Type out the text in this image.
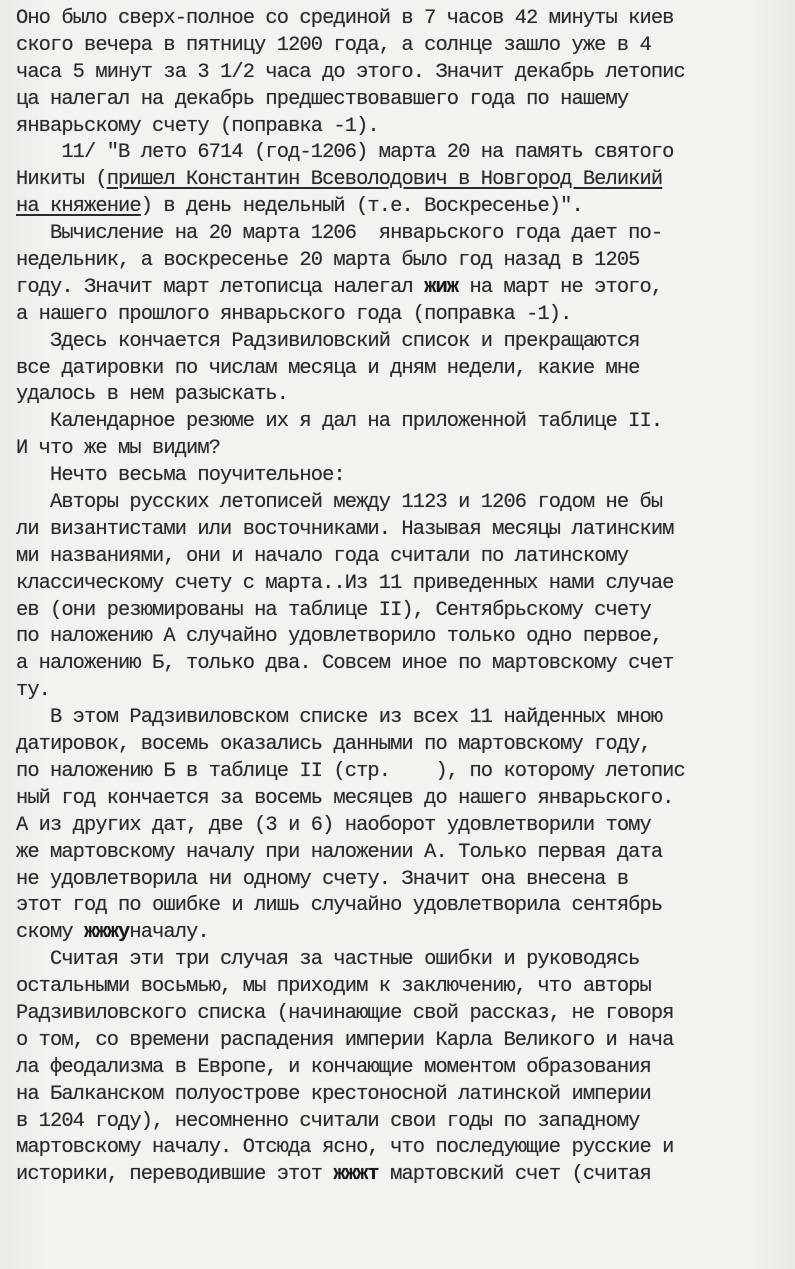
Оно было сверх-полное со срединой в 7 часов 42 минуты киев
ского вечера в пятницу 1200 года, а солнце зашло уже в 4
часа 5 минут за 3 1/2 часа до этого. Значит декабрь летопис
ца налегал на декабрь предшествовавшего года по нашему
январьскому счету (поправка -1).
11/ "В лето 6714 (год-1206) марта 20 на память святого
Никиты (пришел Константин Всеволодович в Новгород Великий
на княжение) в день недельный (т.е. Воскресенье)".
Вычисление на 20 марта 1206  январьского года дает по-
недельник, а воскресенье 20 марта было год назад в 1205
году. Значит март летописца налегал жиж на март не этого,
а нашего прошлого январьского года (поправка -1).
Здесь кончается Радзивиловский список и прекращаются
все датировки по числам месяца и дням недели, какие мне
удалось в нем разыскать.
Календарное резюме их я дал на приложенной таблице II.
И что же мы видим?
Нечто весьма поучительное:
Авторы русских летописей между 1123 и 1206 годом не бы
ли византистами или восточниками. Называя месяцы латинским
ми названиями, они и начало года считали по латинскому
классическому счету с марта..Из 11 приведенных нами случае
ев (они резюмированы на таблице II), Сентябрьскому счету
по наложению А случайно удовлетворило только одно первое,
а наложению Б, только два. Совсем иное по мартовскому счет
ту.
В этом Радзивиловском списке из всех 11 найденных мною
датировок, восемь оказались данными по мартовскому году,
по наложению Б в таблице II (стр.    ), по которому летопис
ный год кончается за восемь месяцев до нашего январьского.
А из других дат, две (3 и 6) наоборот удовлетворили тому
же мартовскому началу при наложении А. Только первая дата
не удовлетворила ни одному счету. Значит она внесена в
этот год по ошибке и лишь случайно удовлетворила сентябрь
скому жжжуначалу.
Считая эти три случая за частные ошибки и руководясь
остальными восьмью, мы приходим к заключению, что авторы
Радзивиловского списка (начинающие свой рассказ, не говоря
о том, со времени распадения империи Карла Великого и нача
ла феодализма в Европе, и кончающие моментом образования
на Балканском полуострове крестоносной латинской империи
в 1204 году), несомненно считали свои годы по западному
мартовскому началу. Отсюда ясно, что последующие русские и
историки, переводившие этот жжжт мартовский счет (считая
